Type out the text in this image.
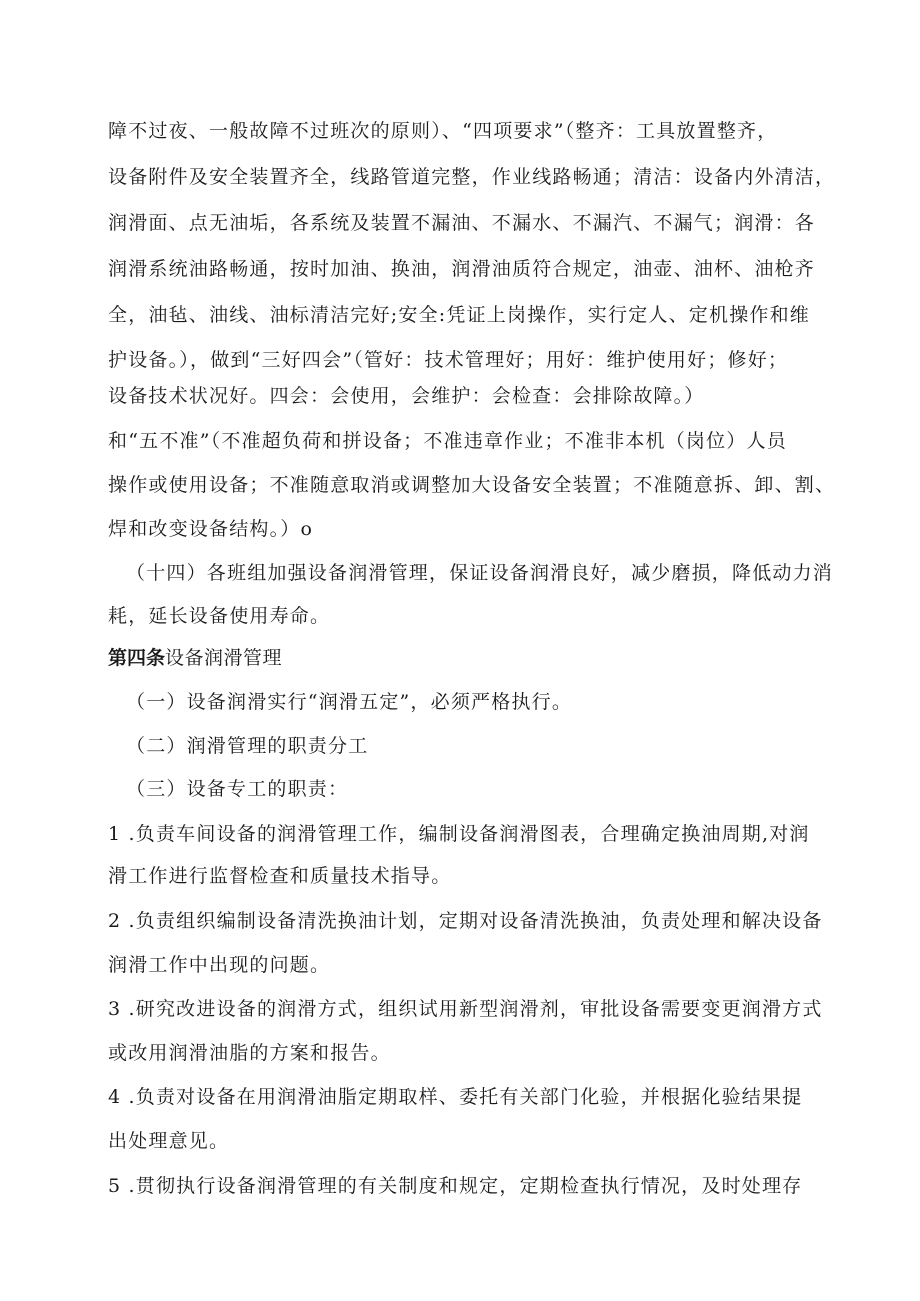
障不过夜、一般故障不过班次的原则）、“四项要求”（整齐：工具放置整齐，
设备附件及安全装置齐全，线路管道完整，作业线路畅通；清洁：设备内外清洁，
润滑面、点无油垢，各系统及装置不漏油、不漏水、不漏汽、不漏气；润滑：各
润滑系统油路畅通，按时加油、换油，润滑油质符合规定，油壶、油杯、油枪齐
全，油毡、油线、油标清洁完好;安全:凭证上岗操作，实行定人、定机操作和维
护设备。），做到“三好四会”（管好：技术管理好；用好：维护使用好；修好；
设备技术状况好。四会：会使用，会维护：会检查：会排除故障。）
和“五不准”（不准超负荷和拼设备；不准违章作业；不准非本机（岗位）人员
操作或使用设备；不准随意取消或调整加大设备安全装置；不准随意拆、卸、割、
焊和改变设备结构。）o
（十四）各班组加强设备润滑管理，保证设备润滑良好，减少磨损，降低动力消
耗，延长设备使用寿命。
第四条设备润滑管理
（一）设备润滑实行“润滑五定”，必须严格执行。
（二）润滑管理的职责分工
（三）设备专工的职责：
1 .负责车间设备的润滑管理工作，编制设备润滑图表，合理确定换油周期,对润
滑工作进行监督检查和质量技术指导。
2 .负责组织编制设备清洗换油计划，定期对设备清洗换油，负责处理和解决设备
润滑工作中出现的问题。
3 .研究改进设备的润滑方式，组织试用新型润滑剂，审批设备需要变更润滑方式
或改用润滑油脂的方案和报告。
4 .负责对设备在用润滑油脂定期取样、委托有关部门化验，并根据化验结果提
出处理意见。
5 .贯彻执行设备润滑管理的有关制度和规定，定期检查执行情况，及时处理存
